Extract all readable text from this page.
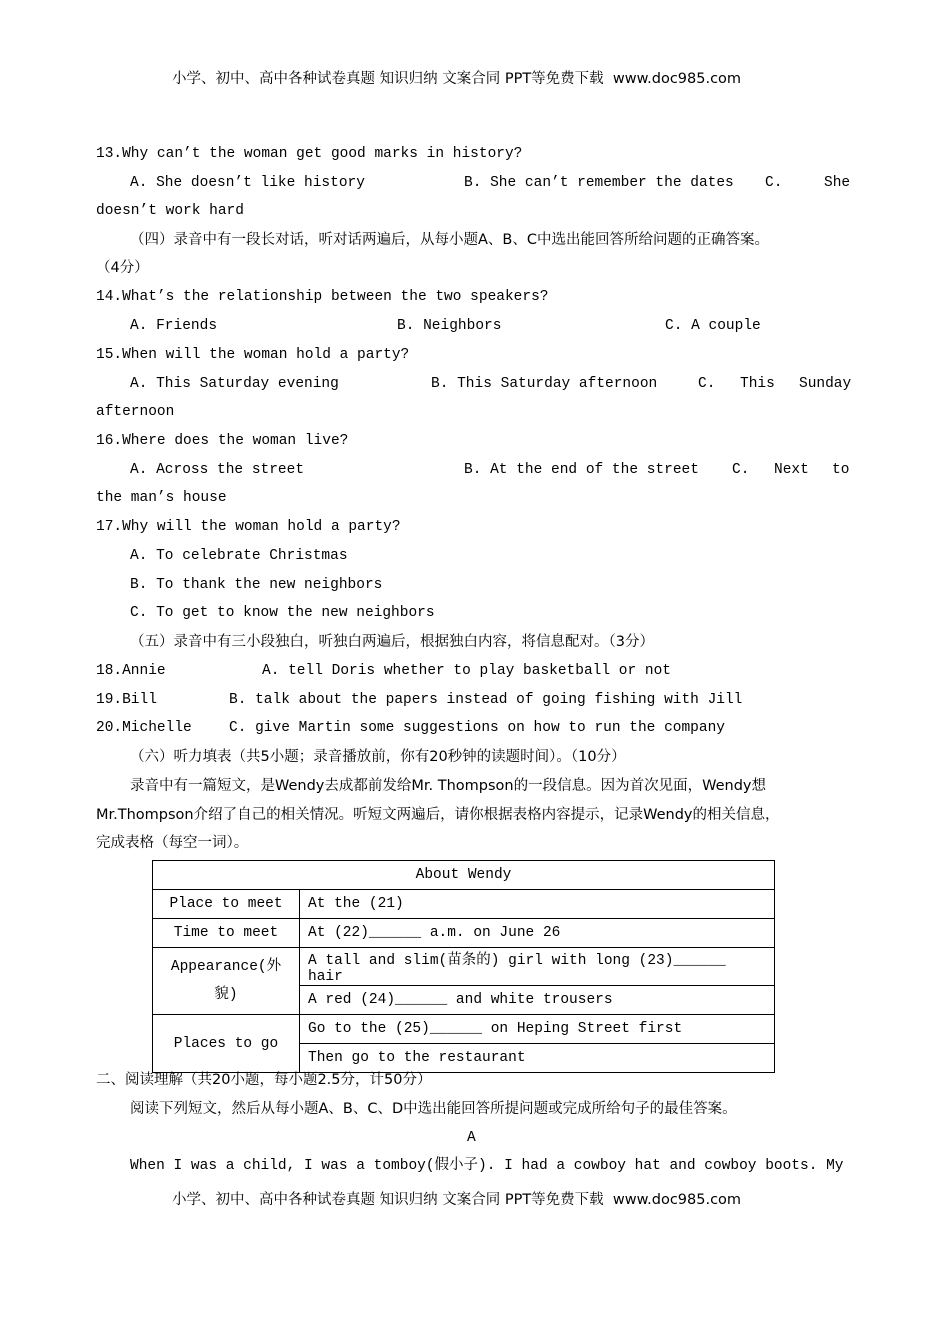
小学、初中、高中各种试卷真题 知识归纳 文案合同 PPT等免费下载  www.doc985.com
13.Why can’t the woman get good marks in history?
A. She doesn’t like history	B. She can’t remember the dates C.	She
doesn’t work hard
（四）录音中有一段长对话，听对话两遍后，从每小题A、B、C中选出能回答所给问题的正确答案。
（4分）
14.What’s the relationship between the two speakers?
A. Friends	B. Neighbors	C. A couple
15.When will the woman hold a party?
A. This Saturday evening	B. This Saturday afternoon	C. This Sunday
afternoon
16.Where does the woman live?
A. Across the street	B. At the end of the street C. Next to
the man’s house
17.Why will the woman hold a party?
A. To celebrate Christmas
B. To thank the new neighbors
C. To get to know the new neighbors
（五）录音中有三小段独白，听独白两遍后，根据独白内容，将信息配对。（3分）
18.Annie	A. tell Doris whether to play basketball or not
19.Bill	B. talk about the papers instead of going fishing with Jill
20.Michelle	C. give Martin some suggestions on how to run the company
（六）听力填表（共5小题；录音播放前，你有20秒钟的读题时间）。（10分）
录音中有一篇短文，是Wendy去成都前发给Mr. Thompson的一段信息。因为首次见面，Wendy想
Mr.Thompson介绍了自己的相关情况。听短文两遍后，请你根据表格内容提示，记录Wendy的相关信息，
完成表格（每空一词）。
About Wendy	
Place to meet	At the (21)
Time to meet	At (22)______ a.m. on June 26
Appearance(外
貌)	A tall and slim(苗条的) girl with long (23)______ hair
	A red (24)______ and white trousers
Places to go	Go to the (25)______ on Heping Street first
	Then go to the restaurant
二、阅读理解（共20小题，每小题2.5分，计50分）
阅读下列短文，然后从每小题A、B、C、D中选出能回答所提问题或完成所给句子的最佳答案。
A
When I was a child, I was a tomboy(假小子). I had a cowboy hat and cowboy boots. My
小学、初中、高中各种试卷真题 知识归纳 文案合同 PPT等免费下载  www.doc985.com
